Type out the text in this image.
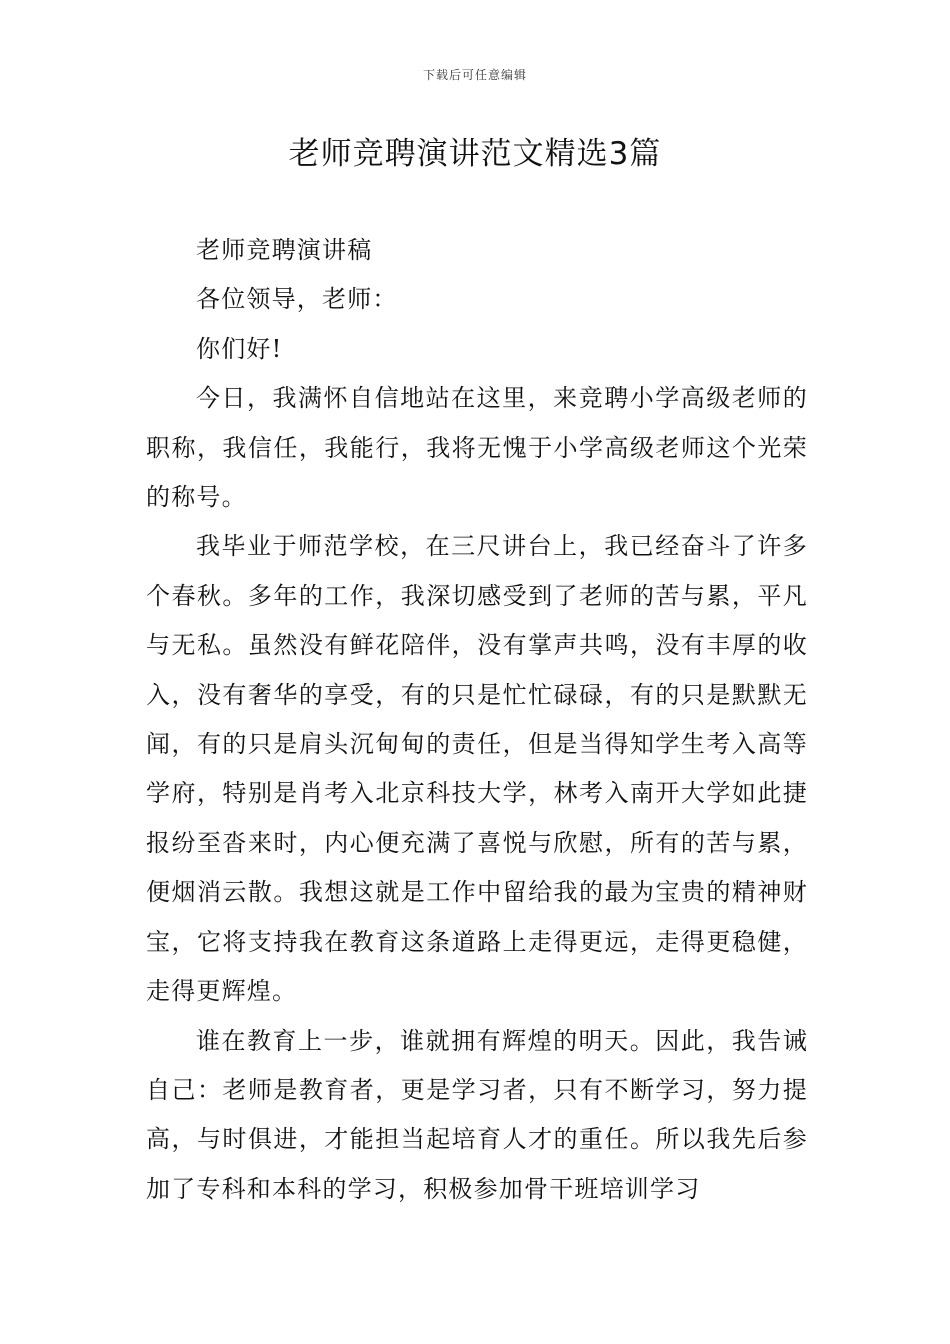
下载后可任意编辑
老师竞聘演讲范文精选3篇

老师竞聘演讲稿

各位领导，老师：

你们好!

今日，我满怀自信地站在这里，来竞聘小学高级老师的职称，我信任，我能行，我将无愧于小学高级老师这个光荣的称号。

我毕业于师范学校，在三尺讲台上，我已经奋斗了许多个春秋。多年的工作，我深切感受到了老师的苦与累，平凡与无私。虽然没有鲜花陪伴，没有掌声共鸣，没有丰厚的收入，没有奢华的享受，有的只是忙忙碌碌，有的只是默默无闻，有的只是肩头沉甸甸的责任，但是当得知学生考入高等学府，特别是肖考入北京科技大学，林考入南开大学如此捷报纷至沓来时，内心便充满了喜悦与欣慰，所有的苦与累，便烟消云散。我想这就是工作中留给我的最为宝贵的精神财宝，它将支持我在教育这条道路上走得更远，走得更稳健，走得更辉煌。

谁在教育上一步，谁就拥有辉煌的明天。因此，我告诫自己：老师是教育者，更是学习者，只有不断学习，努力提高，与时俱进，才能担当起培育人才的重任。所以我先后参加了专科和本科的学习，积极参加骨干班培训学习
